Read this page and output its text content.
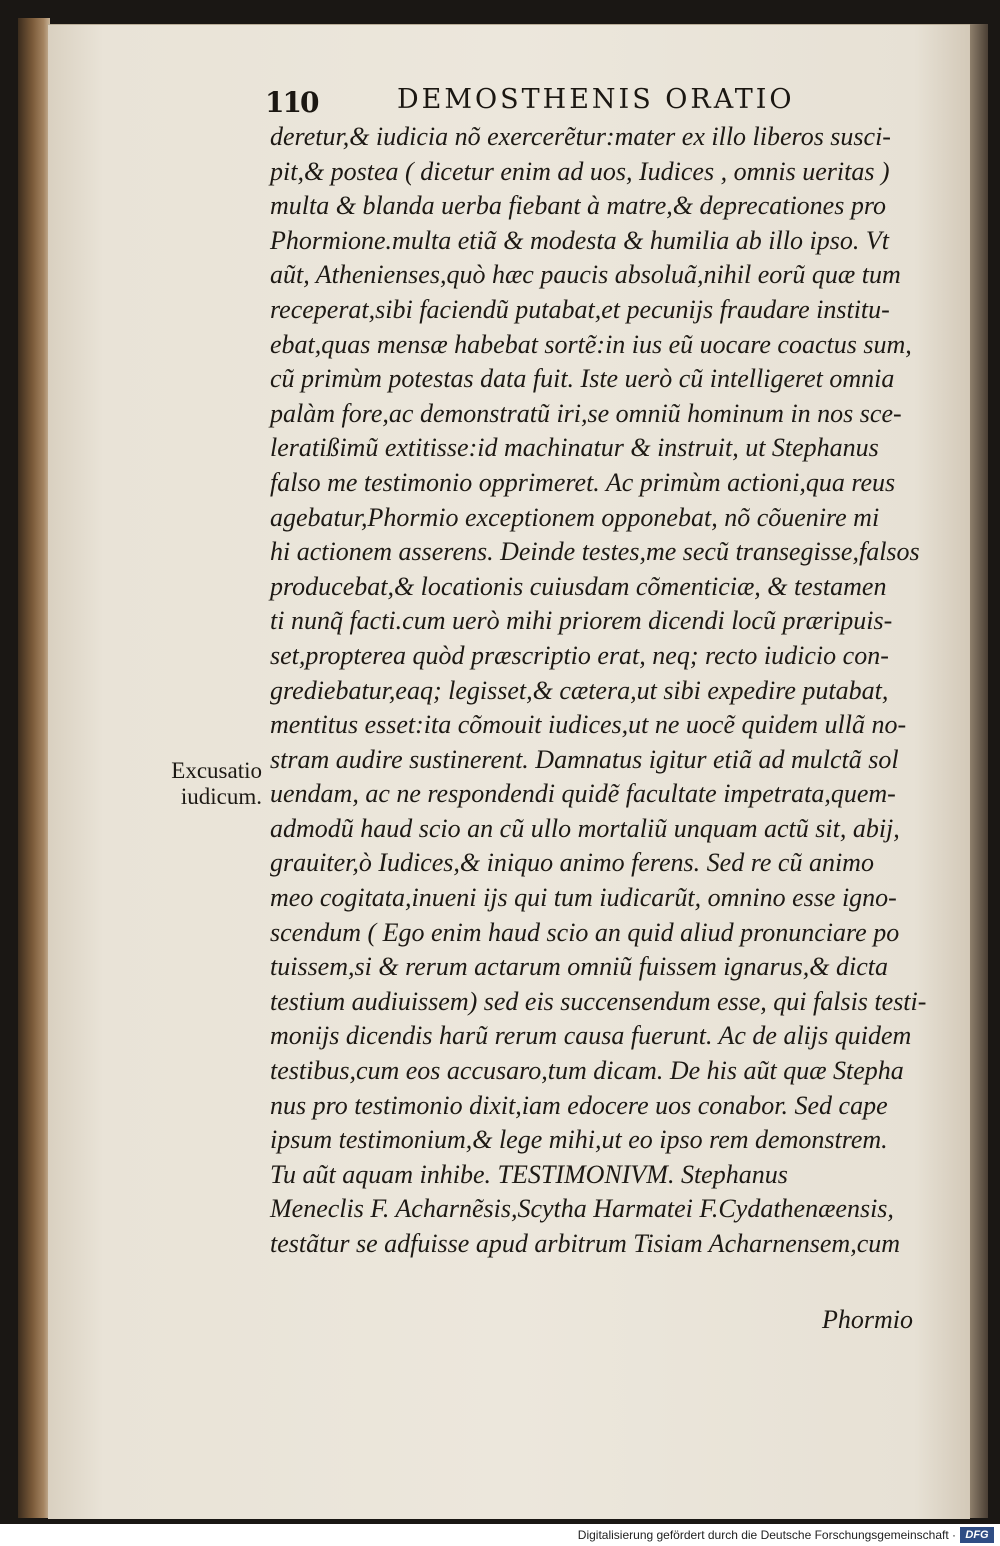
110	DEMOSTHENIS ORATIO
deretur,& iudicia nõ exercerẽtur:mater ex illo liberos susci-
pit,& postea ( dicetur enim ad uos, Iudices , omnis ueritas )
multa & blanda uerba fiebant à matre,& deprecationes pro
Phormione.multa etiã & modesta & humilia ab illo ipso. Vt
aũt, Athenienses,quò hæc paucis absoluã,nihil eorũ quæ tum
receperat,sibi faciendũ putabat,et pecunijs fraudare institu-
ebat,quas mensæ habebat sortẽ:in ius eũ uocare coactus sum,
cũ primùm potestas data fuit. Iste uerò cũ intelligeret omnia
palàm fore,ac demonstratũ iri,se omniũ hominum in nos sce-
leratißimũ extitisse:id machinatur & instruit, ut Stephanus
falso me testimonio opprimeret. Ac primùm actioni,qua reus
agebatur,Phormio exceptionem opponebat, nõ cõuenire mi
hi actionem asserens. Deinde testes,me secũ transegisse,falsos
producebat,& locationis cuiusdam cõmenticiæ, & testamen
ti nunq̃ facti.cum uerò mihi priorem dicendi locũ præripuis-
set,propterea quòd præscriptio erat, neq; recto iudicio con-
grediebatur,eaq; legisset,& cætera,ut sibi expedire putabat,
mentitus esset:ita cõmouit iudices,ut ne uocẽ quidem ullã no-
stram audire sustinerent. Damnatus igitur etiã ad mulctã sol
uendam, ac ne respondendi quidẽ facultate impetrata,quem-
admodũ haud scio an cũ ullo mortaliũ unquam actũ sit, abij,
grauiter,ò Iudices,& iniquo animo ferens. Sed re cũ animo
meo cogitata,inueni ijs qui tum iudicarũt, omnino esse igno-
scendum ( Ego enim haud scio an quid aliud pronunciare po
tuissem,si & rerum actarum omniũ fuissem ignarus,& dicta
testium audiuissem) sed eis succensendum esse, qui falsis testi-
monijs dicendis harũ rerum causa fuerunt. Ac de alijs quidem
testibus,cum eos accusaro,tum dicam. De his aũt quæ Stepha
nus pro testimonio dixit,iam edocere uos conabor. Sed cape
ipsum testimonium,& lege mihi,ut eo ipso rem demonstrem.
Tu aũt aquam inhibe. TESTIMONIVM. Stephanus
Meneclis F. Acharnẽsis,Scytha Harmatei F.Cydathenæensis,
testãtur se adfuisse apud arbitrum Tisiam Acharnensem,cum
Excusatio
iudicum.
Phormio
Digitalisierung gefördert durch die Deutsche Forschungsgemeinschaft · DFG
